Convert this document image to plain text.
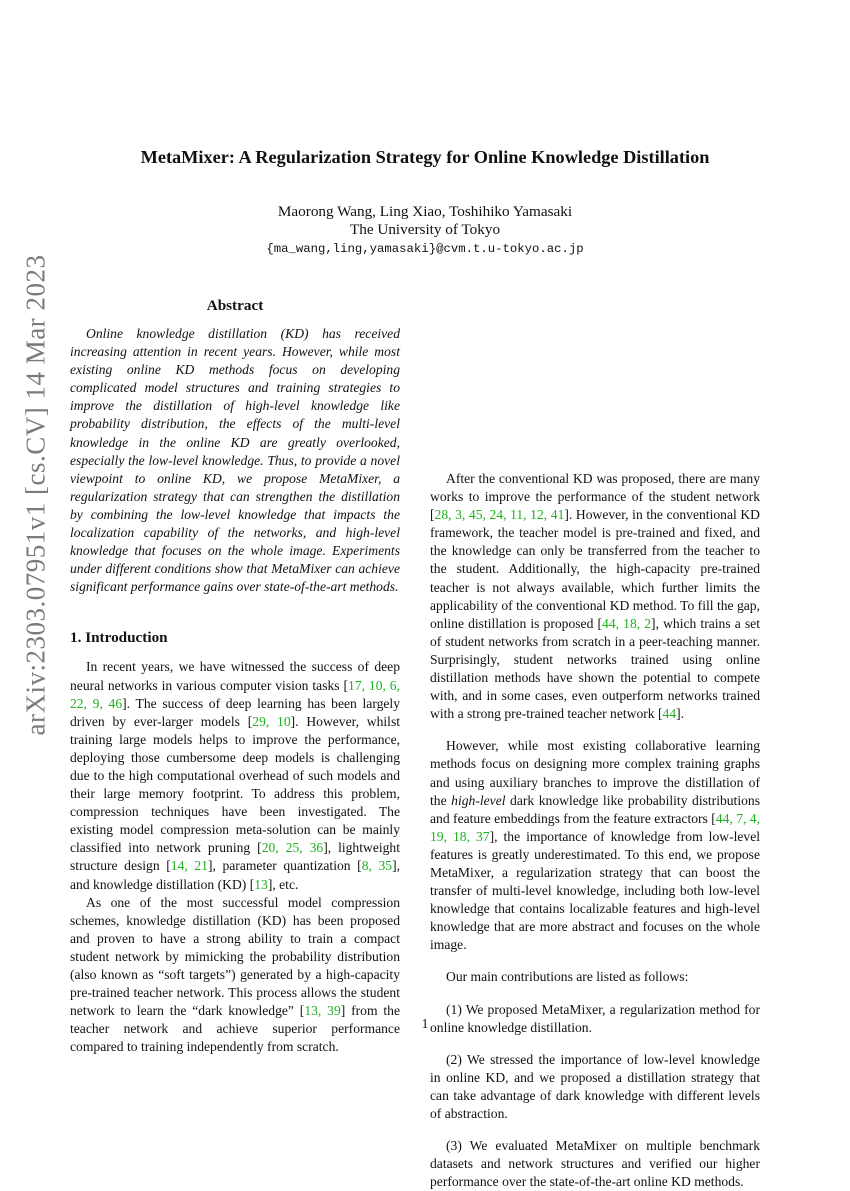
arXiv:2303.07951v1 [cs.CV] 14 Mar 2023
MetaMixer: A Regularization Strategy for Online Knowledge Distillation
Maorong Wang, Ling Xiao, Toshihiko Yamasaki
The University of Tokyo
{ma_wang,ling,yamasaki}@cvm.t.u-tokyo.ac.jp
Abstract

Online knowledge distillation (KD) has received increasing attention in recent years. However, while most existing online KD methods focus on developing complicated model structures and training strategies to improve the distillation of high-level knowledge like probability distribution, the effects of the multi-level knowledge in the online KD are greatly overlooked, especially the low-level knowledge. Thus, to provide a novel viewpoint to online KD, we propose MetaMixer, a regularization strategy that can strengthen the distillation by combining the low-level knowledge that impacts the localization capability of the networks, and high-level knowledge that focuses on the whole image. Experiments under different conditions show that MetaMixer can achieve significant performance gains over state-of-the-art methods.

1. Introduction

In recent years, we have witnessed the success of deep neural networks in various computer vision tasks [17, 10, 6, 22, 9, 46]. The success of deep learning has been largely driven by ever-larger models [29, 10]. However, whilst training large models helps to improve the performance, deploying those cumbersome deep models is challenging due to the high computational overhead of such models and their large memory footprint. To address this problem, compression techniques have been investigated. The existing model compression meta-solution can be mainly classified into network pruning [20, 25, 36], lightweight structure design [14, 21], parameter quantization [8, 35], and knowledge distillation (KD) [13], etc.

As one of the most successful model compression schemes, knowledge distillation (KD) has been proposed and proven to have a strong ability to train a compact student network by mimicking the probability distribution (also known as “soft targets”) generated by a high-capacity pre-trained teacher network. This process allows the student network to learn the “dark knowledge” [13, 39] from the teacher network and achieve superior performance compared to training independently from scratch.

After the conventional KD was proposed, there are many works to improve the performance of the student network [28, 3, 45, 24, 11, 12, 41]. However, in the conventional KD framework, the teacher model is pre-trained and fixed, and the knowledge can only be transferred from the teacher to the student. Additionally, the high-capacity pre-trained teacher is not always available, which further limits the applicability of the conventional KD method. To fill the gap, online distillation is proposed [44, 18, 2], which trains a set of student networks from scratch in a peer-teaching manner. Surprisingly, student networks trained using online distillation methods have shown the potential to compete with, and in some cases, even outperform networks trained with a strong pre-trained teacher network [44].

However, while most existing collaborative learning methods focus on designing more complex training graphs and using auxiliary branches to improve the distillation of the high-level dark knowledge like probability distributions and feature embeddings from the feature extractors [44, 7, 4, 19, 18, 37], the importance of knowledge from low-level features is greatly underestimated. To this end, we propose MetaMixer, a regularization strategy that can boost the transfer of multi-level knowledge, including both low-level knowledge that contains localizable features and high-level knowledge that are more abstract and focuses on the whole image.

Our main contributions are listed as follows:

(1) We proposed MetaMixer, a regularization method for online knowledge distillation.

(2) We stressed the importance of low-level knowledge in online KD, and we proposed a distillation strategy that can take advantage of dark knowledge with different levels of abstraction.

(3) We evaluated MetaMixer on multiple benchmark datasets and network structures and verified our higher performance over the state-of-the-art online KD methods.

1
